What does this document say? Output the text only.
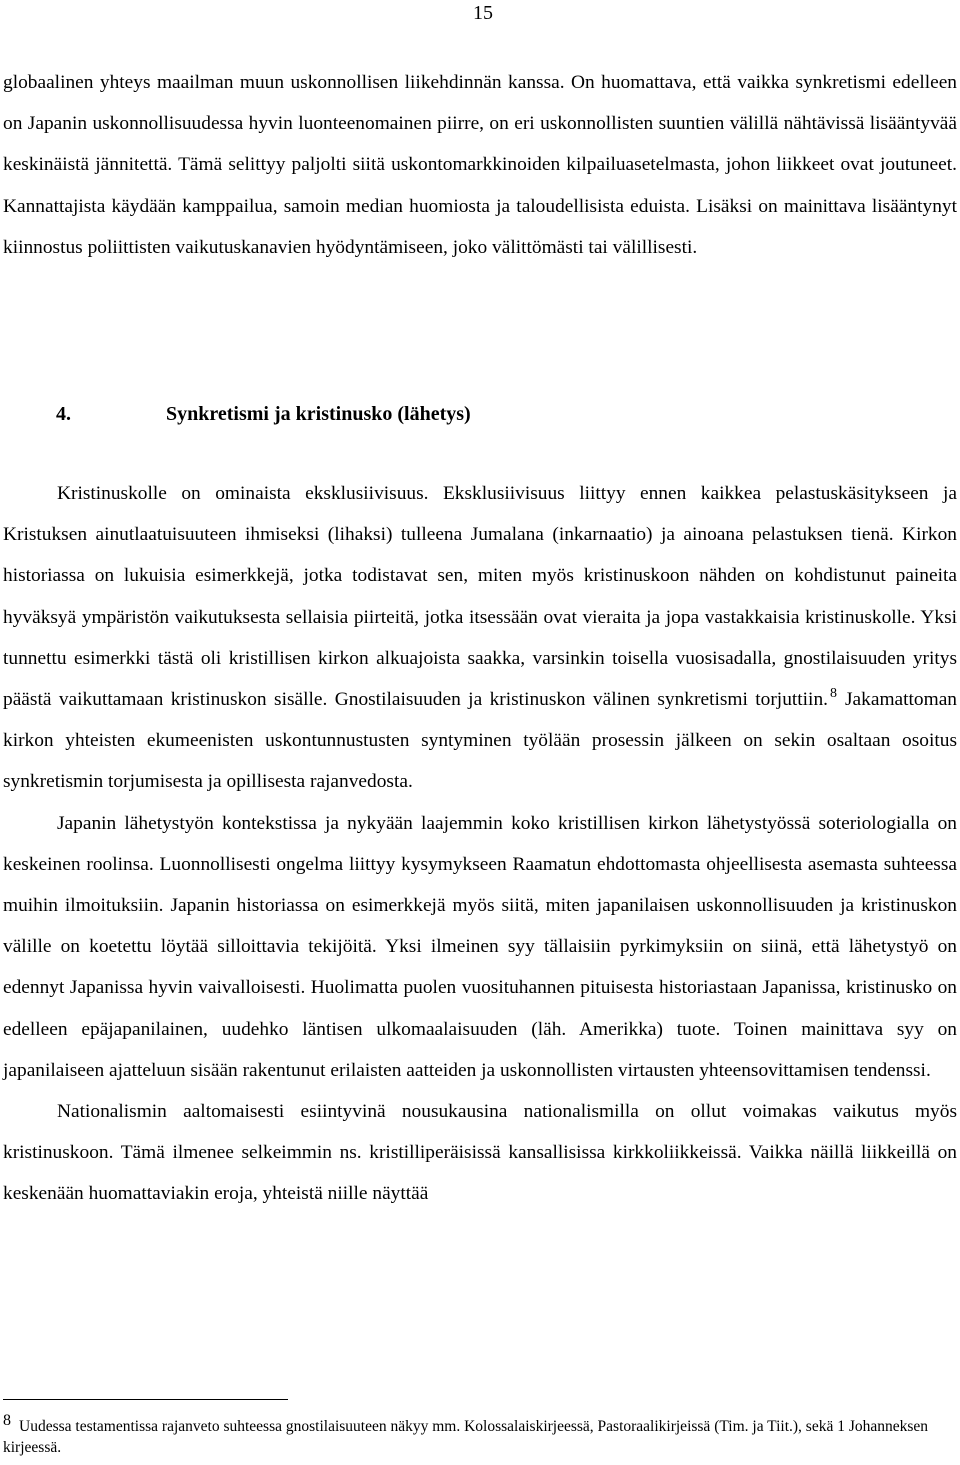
15

globaalinen yhteys maailman muun uskonnollisen liikehdinnän kanssa. On huomattava, että vaikka synkretismi edelleen on Japanin uskonnollisuudessa hyvin luonteenomainen piirre, on eri uskonnollisten suuntien välillä nähtävissä lisääntyvää keskinäistä jännitettä. Tämä selittyy paljolti siitä uskontomarkkinoiden kilpailuasetelmasta, johon liikkeet ovat joutuneet. Kannattajista käydään kamppailua, samoin median huomiosta ja taloudellisista eduista. Lisäksi on mainittava lisääntynyt kiinnostus poliittisten vaikutuskanavien hyödyntämiseen, joko välittömästi tai välillisesti.

4.	Synkretismi ja kristinusko (lähetys)

Kristinuskolle on ominaista eksklusiivisuus. Eksklusiivisuus liittyy ennen kaikkea pelastuskäsitykseen ja Kristuksen ainutlaatuisuuteen ihmiseksi (lihaksi) tulleena Jumalana (inkarnaatio) ja ainoana pelastuksen tienä. Kirkon historiassa on lukuisia esimerkkejä, jotka todistavat sen, miten myös kristinuskoon nähden on kohdistunut paineita hyväksyä ympäristön vaikutuksesta sellaisia piirteitä, jotka itsessään ovat vieraita ja jopa vastakkaisia kristinuskolle. Yksi tunnettu esimerkki tästä oli kristillisen kirkon alkuajoista saakka, varsinkin toisella vuosisadalla, gnostilaisuuden yritys päästä vaikuttamaan kristinuskon sisälle. Gnostilaisuuden ja kristinuskon välinen synkretismi torjuttiin. $^8$ Jakamattoman kirkon yhteisten ekumeenisten uskontunnustusten syntyminen työlään prosessin jälkeen on sekin osaltaan osoitus synkretismin torjumisesta ja opillisesta rajanvedosta.

Japanin lähetystyön kontekstissa ja nykyään laajemmin koko kristillisen kirkon lähetystyössä soteriologialla on keskeinen roolinsa. Luonnollisesti ongelma liittyy kysymykseen Raamatun ehdottomasta ohjeellisesta asemasta suhteessa muihin ilmoituksiin. Japanin historiassa on esimerkkejä myös siitä, miten japanilaisen uskonnollisuuden ja kristinuskon välille on koetettu löytää silloittavia tekijöitä. Yksi ilmeinen syy tällaisiin pyrkimyksiin on siinä, että lähetystyö on edennyt Japanissa hyvin vaivalloisesti. Huolimatta puolen vuosituhannen pituisesta historiastaan Japanissa, kristinusko on edelleen epäjapanilainen, uudehko läntisen ulkomaalaisuuden (läh. Amerikka) tuote. Toinen mainittava syy on japanilaiseen ajatteluun sisään rakentunut erilaisten aatteiden ja uskonnollisten virtausten yhteensovittamisen tendenssi.

Nationalismin aaltomaisesti esiintyvinä nousukausina nationalismilla on ollut voimakas vaikutus myös kristinuskoon. Tämä ilmenee selkeimmin ns. kristilliperäisissä kansallisissa kirkkoliikkeissä. Vaikka näillä liikkeillä on keskenään huomattaviakin eroja, yhteistä niille näyttää

8 Uudessa testamentissa rajanveto suhteessa gnostilaisuuteen näkyy mm. Kolossalaiskirjeessä, Pastoraalikirjeissä (Tim. ja Tiit.), sekä 1 Johanneksen kirjeessä.
